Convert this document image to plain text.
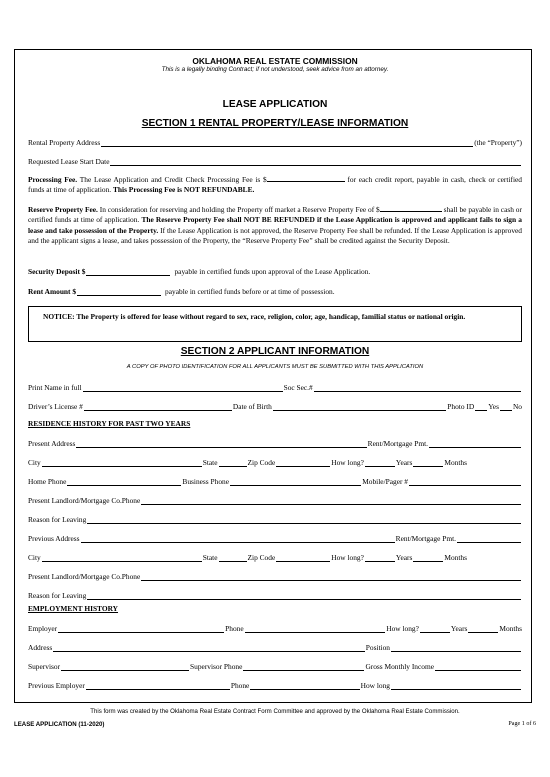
OKLAHOMA REAL ESTATE COMMISSION
This is a legally binding Contract; if not understood, seek advice from an attorney.
LEASE APPLICATION
SECTION 1 RENTAL PROPERTY/LEASE INFORMATION
Rental Property Address	(the “Property”)
Requested Lease Start Date
Processing Fee. The Lease Application and Credit Check Processing Fee is $	for each credit report, payable in cash, check or certified funds at time of application. This Processing Fee is NOT REFUNDABLE.
Reserve Property Fee. In consideration for reserving and holding the Property off market a Reserve Property Fee of $	shall be payable in cash or certified funds at time of application. The Reserve Property Fee shall NOT BE REFUNDED if the Lease Application is approved and applicant fails to sign a lease and take possession of the Property. If the Lease Application is not approved, the Reserve Property Fee shall be refunded. If the Lease Application is approved and the applicant signs a lease, and takes possession of the Property, the “Reserve Property Fee” shall be credited against the Security Deposit.
Security Deposit $	payable in certified funds upon approval of the Lease Application.
Rent Amount $	payable in certified funds before or at time of possession.
NOTICE: The Property is offered for lease without regard to sex, race, religion, color, age, handicap, familial status or national origin.
SECTION 2 APPLICANT INFORMATION
A COPY OF PHOTO IDENTIFICATION FOR ALL APPLICANTS MUST BE SUBMITTED WITH THIS APPLICATION
Print Name in full	Soc Sec.#
Driver’s License #	Date of Birth	Photo ID Yes No
RESIDENCE HISTORY FOR PAST TWO YEARS
Present Address	Rent/Mortgage Pmt.
City	State	Zip Code	How long?	Years	Months
Home Phone	Business Phone	Mobile/Pager #
Present Landlord/Mortgage Co.Phone
Reason for Leaving
Previous Address	Rent/Mortgage Pmt.
City	State	Zip Code	How long?	Years	Months
Present Landlord/Mortgage Co.Phone
Reason for Leaving
EMPLOYMENT HISTORY
Employer	Phone	How long?	Years	Months
Address	Position
Supervisor	Supervisor Phone	Gross Monthly Income
Previous Employer	Phone	How long
This form was created by the Oklahoma Real Estate Contract Form Committee and approved by the Oklahoma Real Estate Commission.
LEASE APPLICATION (11-2020)	Page 1 of 6
